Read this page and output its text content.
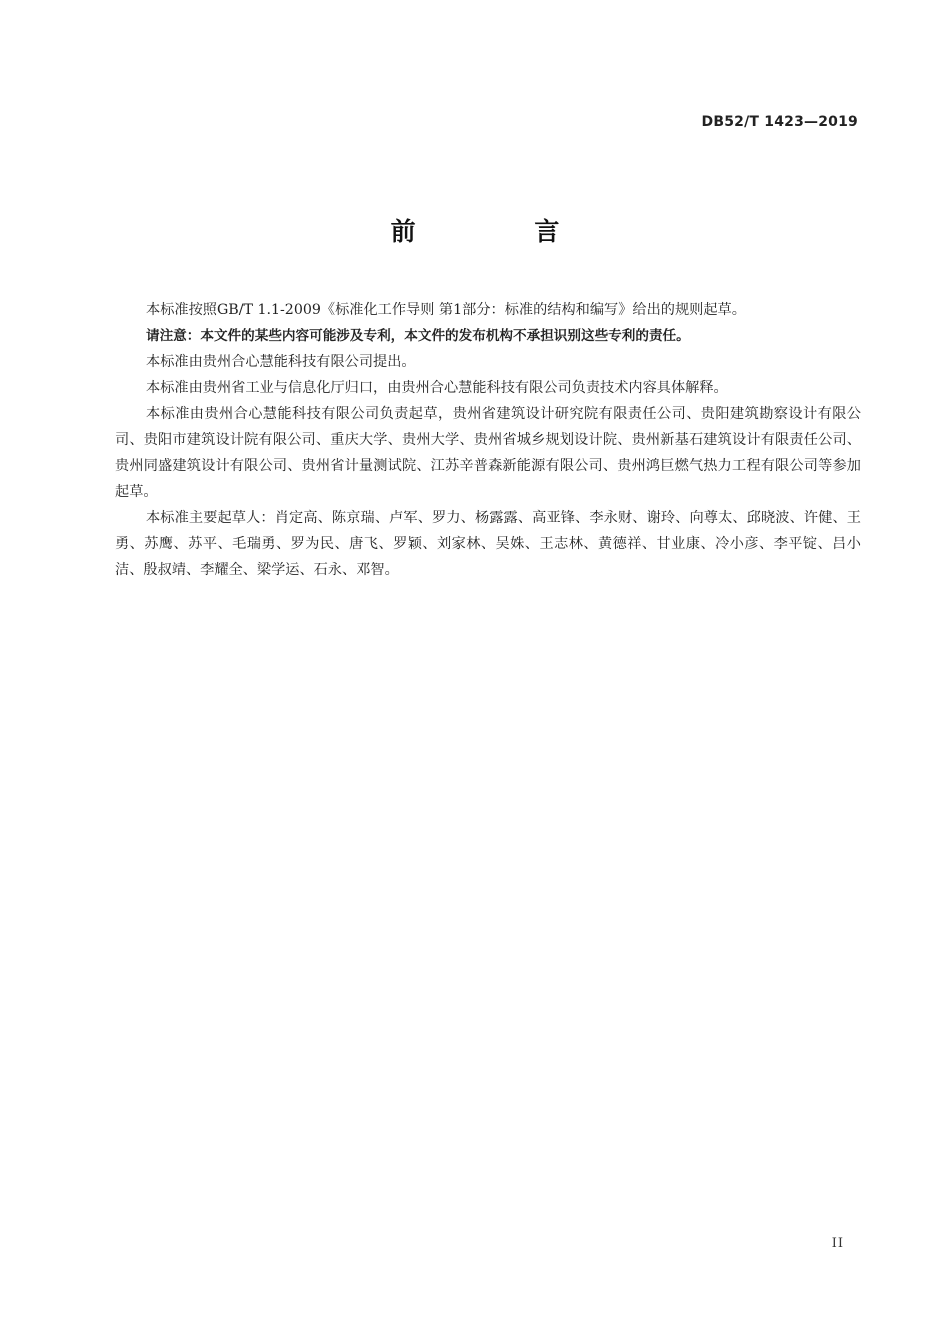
DB52/T 1423—2019
前 言

本标准按照GB/T 1.1-2009《标准化工作导则 第1部分：标准的结构和编写》给出的规则起草。

请注意：本文件的某些内容可能涉及专利，本文件的发布机构不承担识别这些专利的责任。

本标准由贵州合心慧能科技有限公司提出。

本标准由贵州省工业与信息化厅归口，由贵州合心慧能科技有限公司负责技术内容具体解释。

本标准由贵州合心慧能科技有限公司负责起草，贵州省建筑设计研究院有限责任公司、贵阳建筑勘察设计有限公司、贵阳市建筑设计院有限公司、重庆大学、贵州大学、贵州省城乡规划设计院、贵州新基石建筑设计有限责任公司、贵州同盛建筑设计有限公司、贵州省计量测试院、江苏辛普森新能源有限公司、贵州鸿巨燃气热力工程有限公司等参加起草。

本标准主要起草人：肖定高、陈京瑞、卢军、罗力、杨露露、高亚锋、李永财、谢玲、向尊太、邱晓波、许健、王勇、苏鹰、苏平、毛瑞勇、罗为民、唐飞、罗颖、刘家林、吴姝、王志林、黄德祥、甘业康、冷小彦、李平锭、吕小洁、殷叔靖、李耀全、梁学运、石永、邓智。

II
